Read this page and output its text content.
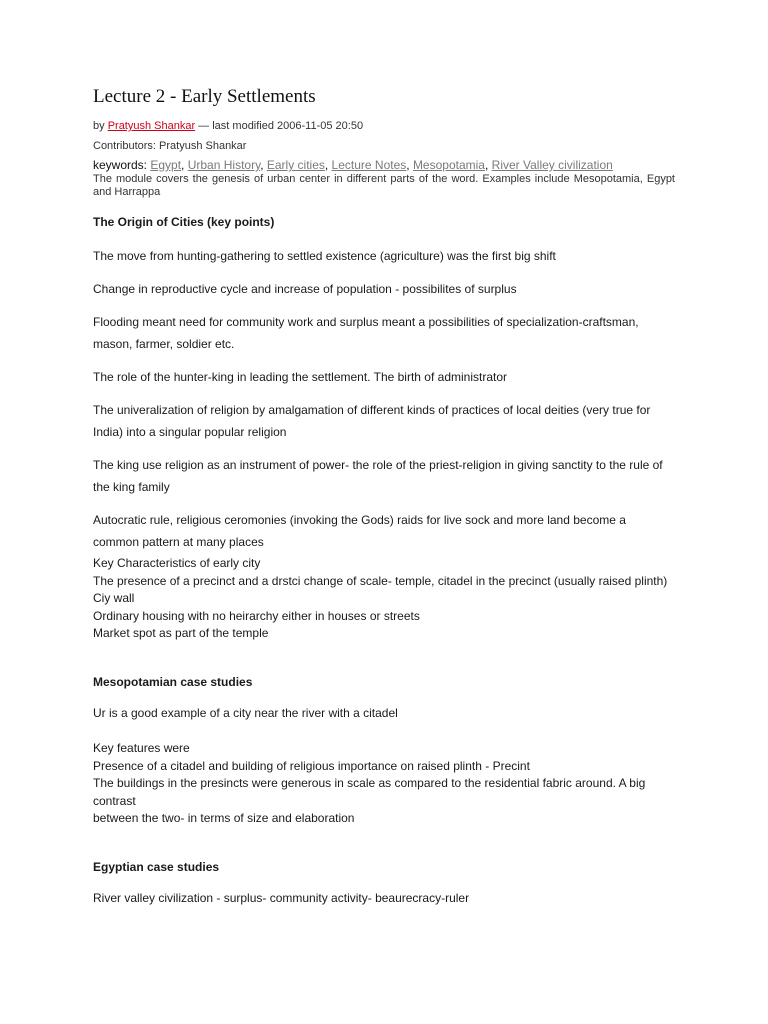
Lecture 2 - Early Settlements

by Pratyush Shankar — last modified 2006-11-05 20:50

Contributors: Pratyush Shankar

keywords: Egypt, Urban History, Early cities, Lecture Notes, Mesopotamia, River Valley civilization

The module covers the genesis of urban center in different parts of the word. Examples include Mesopotamia, Egypt and Harrappa

The Origin of Cities (key points)

The move from hunting-gathering to settled existence (agriculture) was the first big shift

Change in reproductive cycle and increase of population - possibilites of surplus

Flooding meant need for community work and surplus meant a possibilities of specialization-craftsman, mason, farmer, soldier etc.

The role of the hunter-king in leading the settlement. The birth of administrator

The univeralization of religion by amalgamation of different kinds of practices of local deities (very true for India) into a singular popular religion

The king use religion as an instrument of power- the role of the priest-religion in giving sanctity to the rule of the king family

Autocratic rule, religious ceromonies (invoking the Gods) raids for live sock and more land become a common pattern at many places

Key Characteristics of early city

The presence of a precinct and a drstci change of scale- temple, citadel in the precinct (usually raised plinth)

Ciy wall

Ordinary housing with no heirarchy either in houses or streets

Market spot as part of the temple

Mesopotamian case studies

Ur is a good example of a city near the river with a citadel

Key features were

Presence of a citadel and building of religious importance on raised plinth - Precint

The buildings in the presincts were generous in scale as compared to the residential fabric around. A big contrast

between the two- in terms of size and elaboration

Egyptian case studies

River valley civilization - surplus- community activity- beaurecracy-ruler
